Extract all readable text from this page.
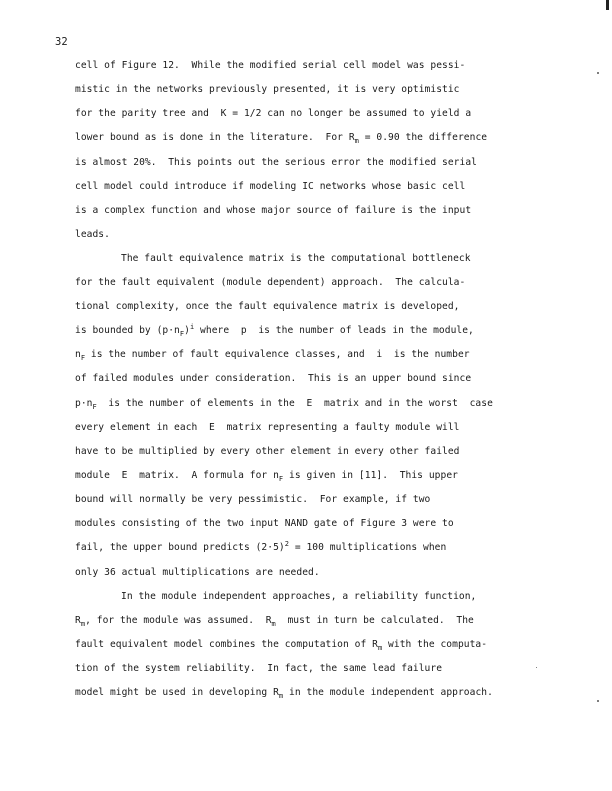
32
cell of Figure 12.  While the modified serial cell model was pessi-
mistic in the networks previously presented, it is very optimistic
for the parity tree and  K = 1/2 can no longer be assumed to yield a
lower bound as is done in the literature.  For $R_m = 0.90$ the difference
is almost 20%.  This points out the serious error the modified serial
cell model could introduce if modeling IC networks whose basic cell
is a complex function and whose major source of failure is the input
leads.
The fault equivalence matrix is the computational bottleneck
for the fault equivalent (module dependent) approach.  The calcula-
tional complexity, once the fault equivalence matrix is developed,
is bounded by $(p\cdot n_F)^i$ where  p  is the number of leads in the module,
$n_F$ is the number of fault equivalence classes, and  i  is the number
of failed modules under consideration.  This is an upper bound since
$p\cdot n_F$  is the number of elements in the  E  matrix and in the worst  case
every element in each  E  matrix representing a faulty module will
have to be multiplied by every other element in every other failed
module  E  matrix.  A formula for $n_F$ is given in [11].  This upper
bound will normally be very pessimistic.  For example, if two
modules consisting of the two input NAND gate of Figure 3 were to
fail, the upper bound predicts $(2\cdot 5)^2 = 100$ multiplications when
only 36 actual multiplications are needed.
In the module independent approaches, a reliability function,
$R_m$, for the module was assumed.  $R_m$  must in turn be calculated.  The
fault equivalent model combines the computation of $R_m$ with the computa-
tion of the system reliability.  In fact, the same lead failure
model might be used in developing $R_m$ in the module independent approach.
